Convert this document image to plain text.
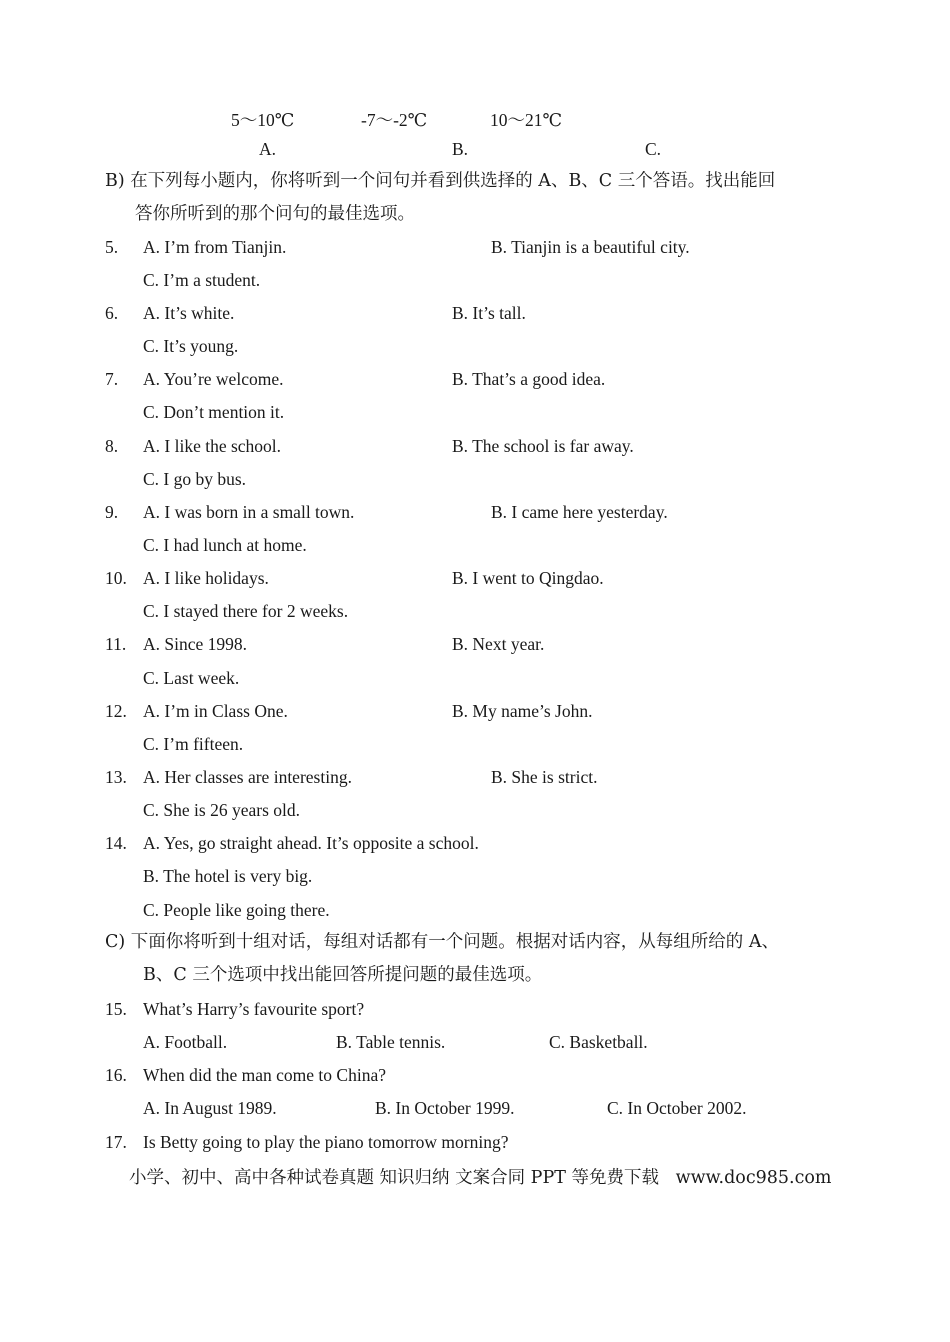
5～10℃	-7～-2℃	10～21℃
A.	B.	C.
B) 在下列每小题内，你将听到一个问句并看到供选择的 A、B、C 三个答语。找出能回
答你所听到的那个问句的最佳选项。
5. A. I’m from Tianjin.	B. Tianjin is a beautiful city.
C. I’m a student.
6. A. It’s white.	B. It’s tall.
C. It’s young.
7. A. You’re welcome.	B. That’s a good idea.
C. Don’t mention it.
8. A. I like the school.	B. The school is far away.
C. I go by bus.
9. A. I was born in a small town.	B. I came here yesterday.
C. I had lunch at home.
10. A. I like holidays.	B. I went to Qingdao.
C. I stayed there for 2 weeks.
11. A. Since 1998.	B. Next year.
C. Last week.
12. A. I’m in Class One.	B. My name’s John.
C. I’m fifteen.
13. A. Her classes are interesting.	B. She is strict.
C. She is 26 years old.
14. A. Yes, go straight ahead. It’s opposite a school.
B. The hotel is very big.
C. People like going there.
C) 下面你将听到十组对话，每组对话都有一个问题。根据对话内容，从每组所给的 A、
B、C 三个选项中找出能回答所提问题的最佳选项。
15. What’s Harry’s favourite sport?
A. Football.	B. Table tennis.	C. Basketball.
16. When did the man come to China?
A. In August 1989.	B. In October 1999.	C. In October 2002.
17. Is Betty going to play the piano tomorrow morning?
小学、初中、高中各种试卷真题 知识归纳 文案合同 PPT 等免费下载   www.doc985.com
